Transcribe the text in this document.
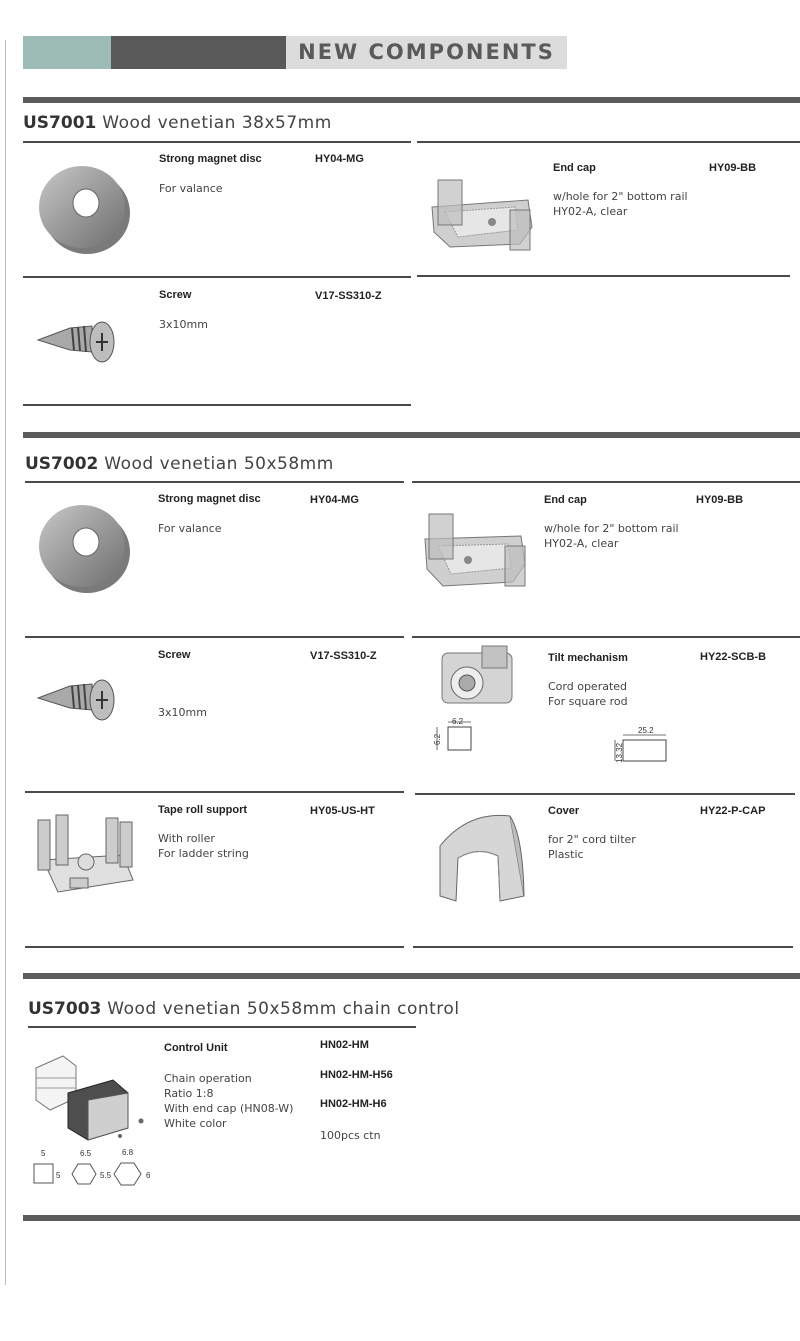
NEW COMPONENTS
US7001 Wood venetian 38x57mm
Strong magnet disc	HY04-MG
For valance
End cap	HY09-BB
w/hole for 2" bottom rail
HY02-A, clear
Screw	V17-SS310-Z
3x10mm
US7002 Wood venetian 50x58mm
Strong magnet disc	HY04-MG
For valance
End cap	HY09-BB
w/hole for 2" bottom rail
HY02-A, clear
Screw	V17-SS310-Z
3x10mm
6.2
6.2
25.2
13.32
Tilt mechanism	HY22-SCB-B
Cord operated
For square rod
Tape roll support	HY05-US-HT
With roller
For ladder string
Cover	HY22-P-CAP
for 2" cord tilter
Plastic
US7003 Wood venetian 50x58mm chain control
5
5
6.5
5.5
6.8
6
Control Unit	HN02-HM
HN02-HM-H56
HN02-HM-H6
Chain operation
Ratio 1:8
With end cap (HN08-W)
White color
100pcs ctn
